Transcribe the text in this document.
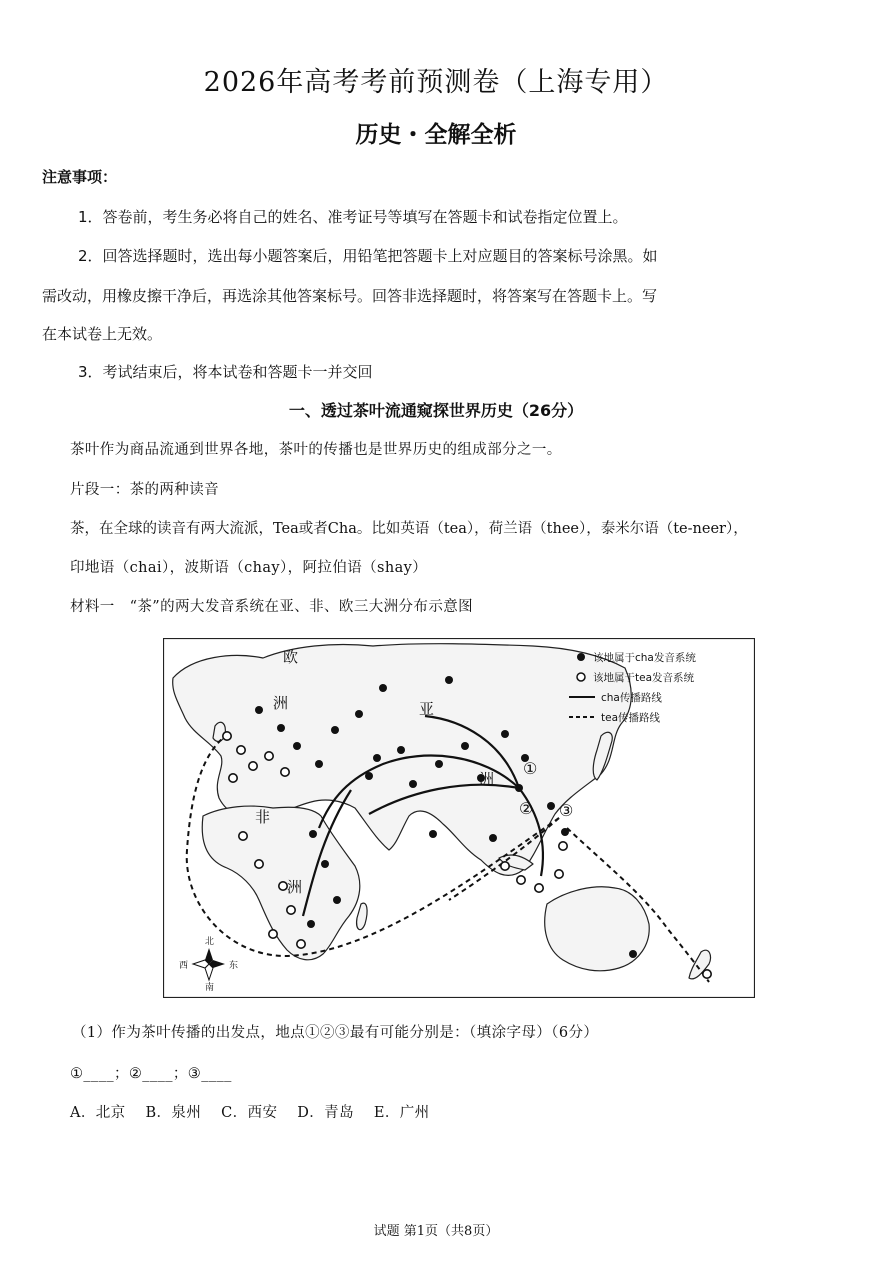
2026年高考考前预测卷（上海专用）
历史・全解全析
注意事项：
1．答卷前，考生务必将自己的姓名、准考证号等填写在答题卡和试卷指定位置上。
2．回答选择题时，选出每小题答案后，用铅笔把答题卡上对应题目的答案标号涂黑。如
需改动，用橡皮擦干净后，再选涂其他答案标号。回答非选择题时，将答案写在答题卡上。写
在本试卷上无效。
3．考试结束后，将本试卷和答题卡一并交回
一、透过茶叶流通窥探世界历史（26分）
茶叶作为商品流通到世界各地，茶叶的传播也是世界历史的组成部分之一。
片段一：茶的两种读音
茶，在全球的读音有两大流派，Tea或者Cha。比如英语（tea），荷兰语（thee），泰米尔语（te-neer），
印地语（chai），波斯语（chay），阿拉伯语（shay）
材料一　“茶”的两大发音系统在亚、非、欧三大洲分布示意图
欧
洲	亚
洲
非
洲
①
② ③
该地属于cha发音系统
该地属于tea发音系统
cha传播路线
tea传播路线
北
南
西	东
（1）作为茶叶传播的出发点，地点①②③最有可能分别是：（填涂字母）（6分）
①____；②____；③____
A．北京　 B．泉州　 C．西安　 D．青岛　 E．广州
试题 第1页（共8页）
